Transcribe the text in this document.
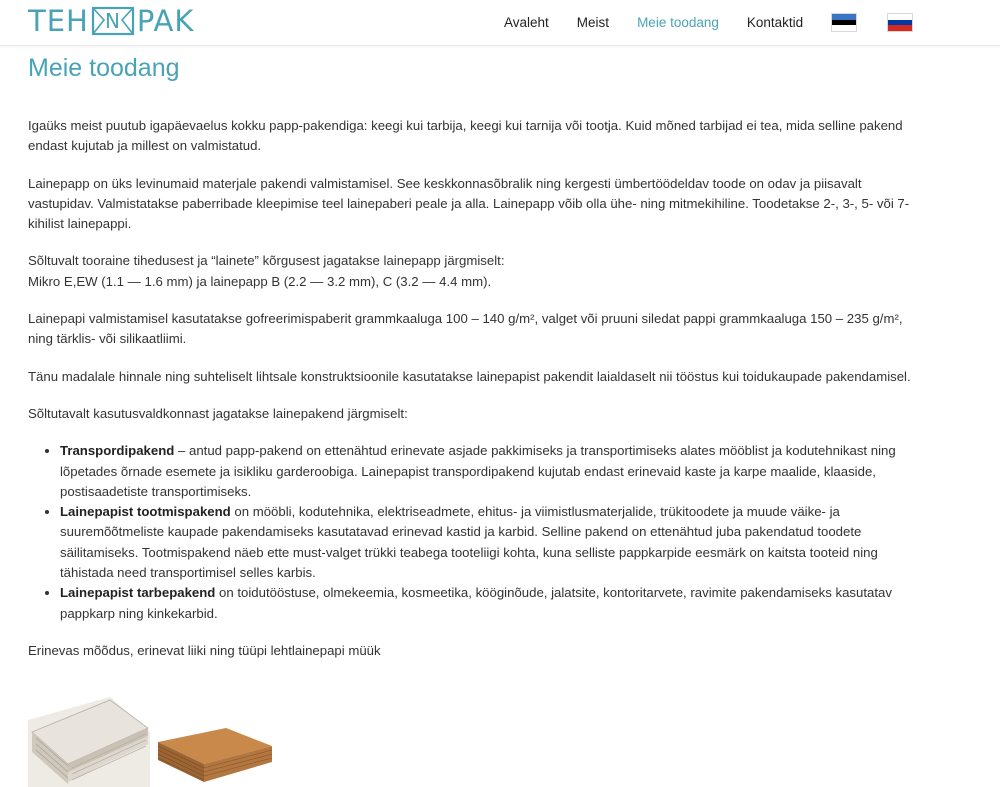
TEH N PAK	Avaleht Meist Meie toodang Kontaktid
Meie toodang

Igaüks meist puutub igapäevaelus kokku papp-pakendiga: keegi kui tarbija, keegi kui tarnija või tootja. Kuid mõned tarbijad ei tea, mida selline pakend endast kujutab ja millest on valmistatud.

Lainepapp on üks levinumaid materjale pakendi valmistamisel. See keskkonnasõbralik ning kergesti ümbertöödeldav toode on odav ja piisavalt vastupidav. Valmistatakse paberribade kleepimise teel lainepaberi peale ja alla. Lainepapp võib olla ühe- ning mitmekihiline. Toodetakse 2-, 3-, 5- või 7-kihilist lainepappi.

Sõltuvalt tooraine tihedusest ja “lainete” kõrgusest jagatakse lainepapp järgmiselt:
Mikro E,EW (1.1 — 1.6 mm) ja lainepapp B (2.2 — 3.2 mm), C (3.2 — 4.4 mm).

Lainepapi valmistamisel kasutatakse gofreerimispaberit grammkaaluga 100 – 140 g/m², valget või pruuni siledat pappi grammkaaluga 150 – 235 g/m², ning tärklis- või silikaatliimi.

Tänu madalale hinnale ning suhteliselt lihtsale konstruktsioonile kasutatakse lainepapist pakendit laialdaselt nii tööstus kui toidukaupade pakendamisel.

Sõltutavalt kasutusvaldkonnast jagatakse lainepakend järgmiselt:

• Transpordipakend – antud papp-pakend on ettenähtud erinevate asjade pakkimiseks ja transportimiseks alates mööblist ja kodutehnikast ning lõpetades õrnade esemete ja isikliku garderoobiga. Lainepapist transpordipakend kujutab endast erinevaid kaste ja karpe maalide, klaaside, postisaadetiste transportimiseks.
• Lainepapist tootmispakend on mööbli, kodutehnika, elektriseadmete, ehitus- ja viimistlusmaterjalide, trükitoodete ja muude väike- ja suuremõõtmeliste kaupade pakendamiseks kasutatavad erinevad kastid ja karbid. Selline pakend on ettenähtud juba pakendatud toodete säilitamiseks. Tootmispakend näeb ette must-valget trükki teabega tooteliigi kohta, kuna selliste pappkarpide eesmärk on kaitsta tooteid ning tähistada need transportimisel selles karbis.
• Lainepapist tarbepakend on toidutööstuse, olmekeemia, kosmeetika, kööginõude, jalatsite, kontoritarvete, ravimite pakendamiseks kasutatav pappkarp ning kinkekarbid.

Erinevas mõõdus, erinevat liiki ning tüüpi lehtlainepapi müük
